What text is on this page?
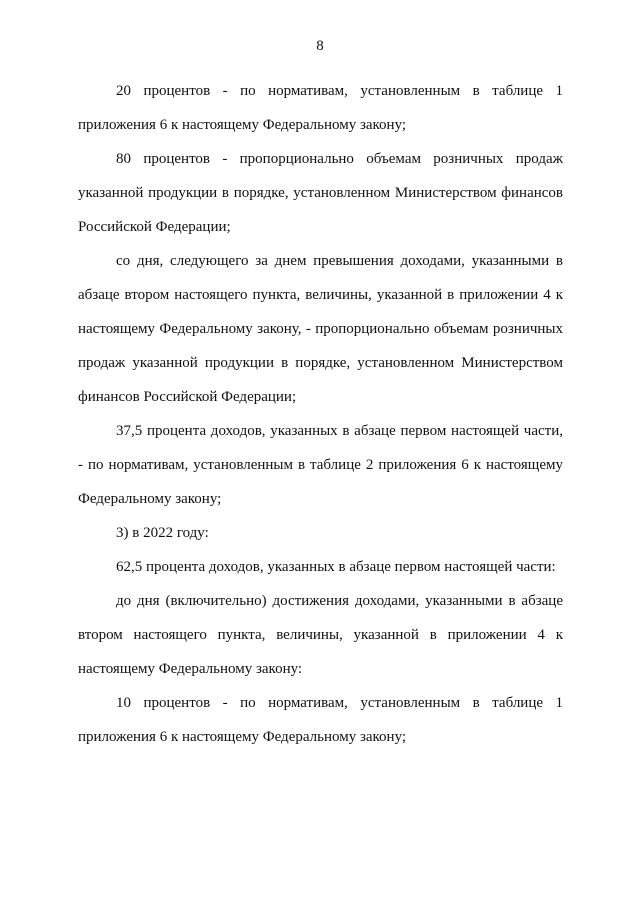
8

20 процентов - по нормативам, установленным в таблице 1 приложения 6 к настоящему Федеральному закону;

80 процентов - пропорционально объемам розничных продаж указанной продукции в порядке, установленном Министерством финансов Российской Федерации;

со дня, следующего за днем превышения доходами, указанными в абзаце втором настоящего пункта, величины, указанной в приложении 4 к настоящему Федеральному закону, - пропорционально объемам розничных продаж указанной продукции в порядке, установленном Министерством финансов Российской Федерации;

37,5 процента доходов, указанных в абзаце первом настоящей части, - по нормативам, установленным в таблице 2 приложения 6 к настоящему Федеральному закону;

3) в 2022 году:

62,5 процента доходов, указанных в абзаце первом настоящей части:

до дня (включительно) достижения доходами, указанными в абзаце втором настоящего пункта, величины, указанной в приложении 4 к настоящему Федеральному закону:

10 процентов - по нормативам, установленным в таблице 1 приложения 6 к настоящему Федеральному закону;
